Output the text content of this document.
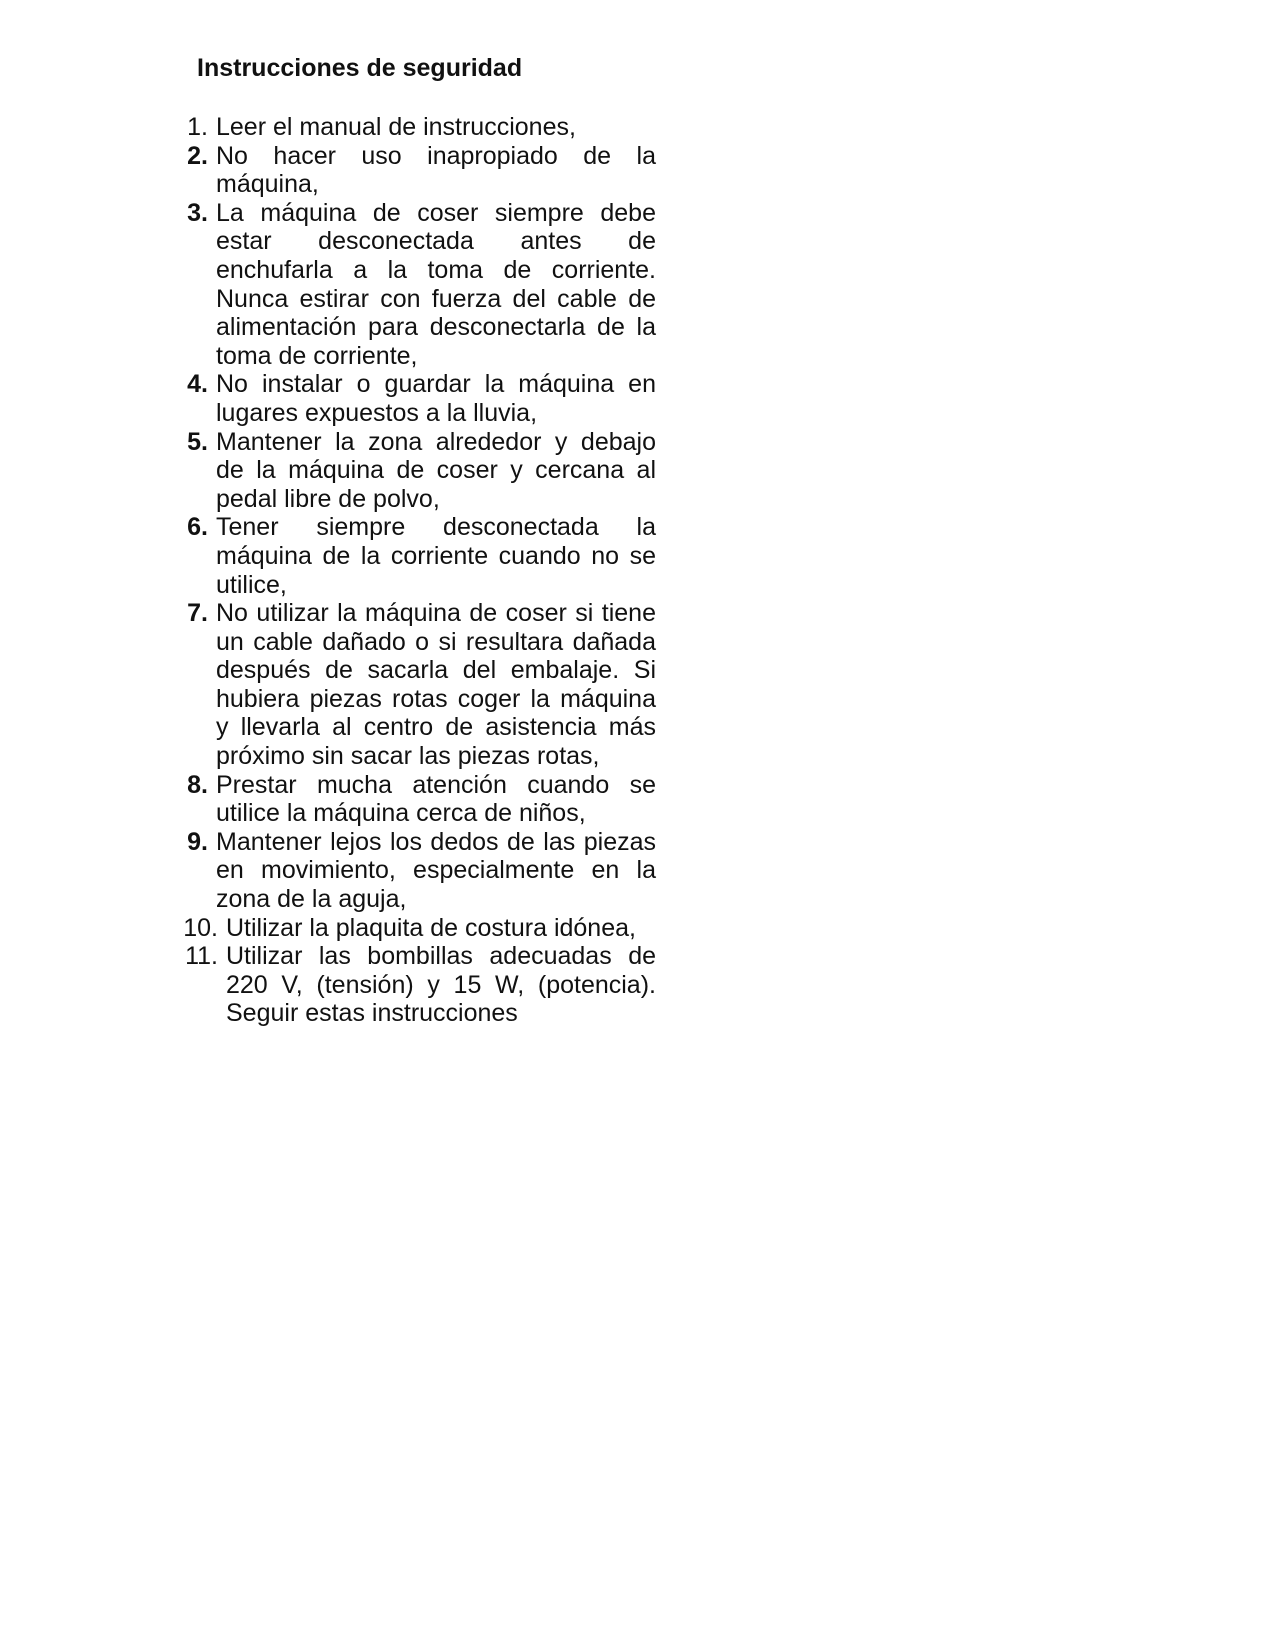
Instrucciones de seguridad
1. Leer el manual de instrucciones,
2. No hacer uso inapropiado de la máquina,
3. La máquina de coser siempre debe estar desconectada antes de enchufarla a la toma de corriente. Nunca estirar con fuerza del cable de alimentación para desconectarla de la toma de corriente,
4. No instalar o guardar la máquina en lugares expuestos a la lluvia,
5. Mantener la zona alrededor y debajo de la máquina de coser y cercana al pedal libre de polvo,
6. Tener siempre desconectada la máquina de la corriente cuando no se utilice,
7. No utilizar la máquina de coser si tiene un cable dañado o si resultara dañada después de sacarla del embalaje. Si hubiera piezas rotas coger la máquina y llevarla al centro de asistencia más próximo sin sacar las piezas rotas,
8. Prestar mucha atención cuando se utilice la máquina cerca de niños,
9. Mantener lejos los dedos de las piezas en movimiento, especialmente en la zona de la aguja,
10. Utilizar la plaquita de costura idónea,
11. Utilizar las bombillas adecuadas de 220 V, (tensión) y 15 W, (potencia). Seguir estas instrucciones
